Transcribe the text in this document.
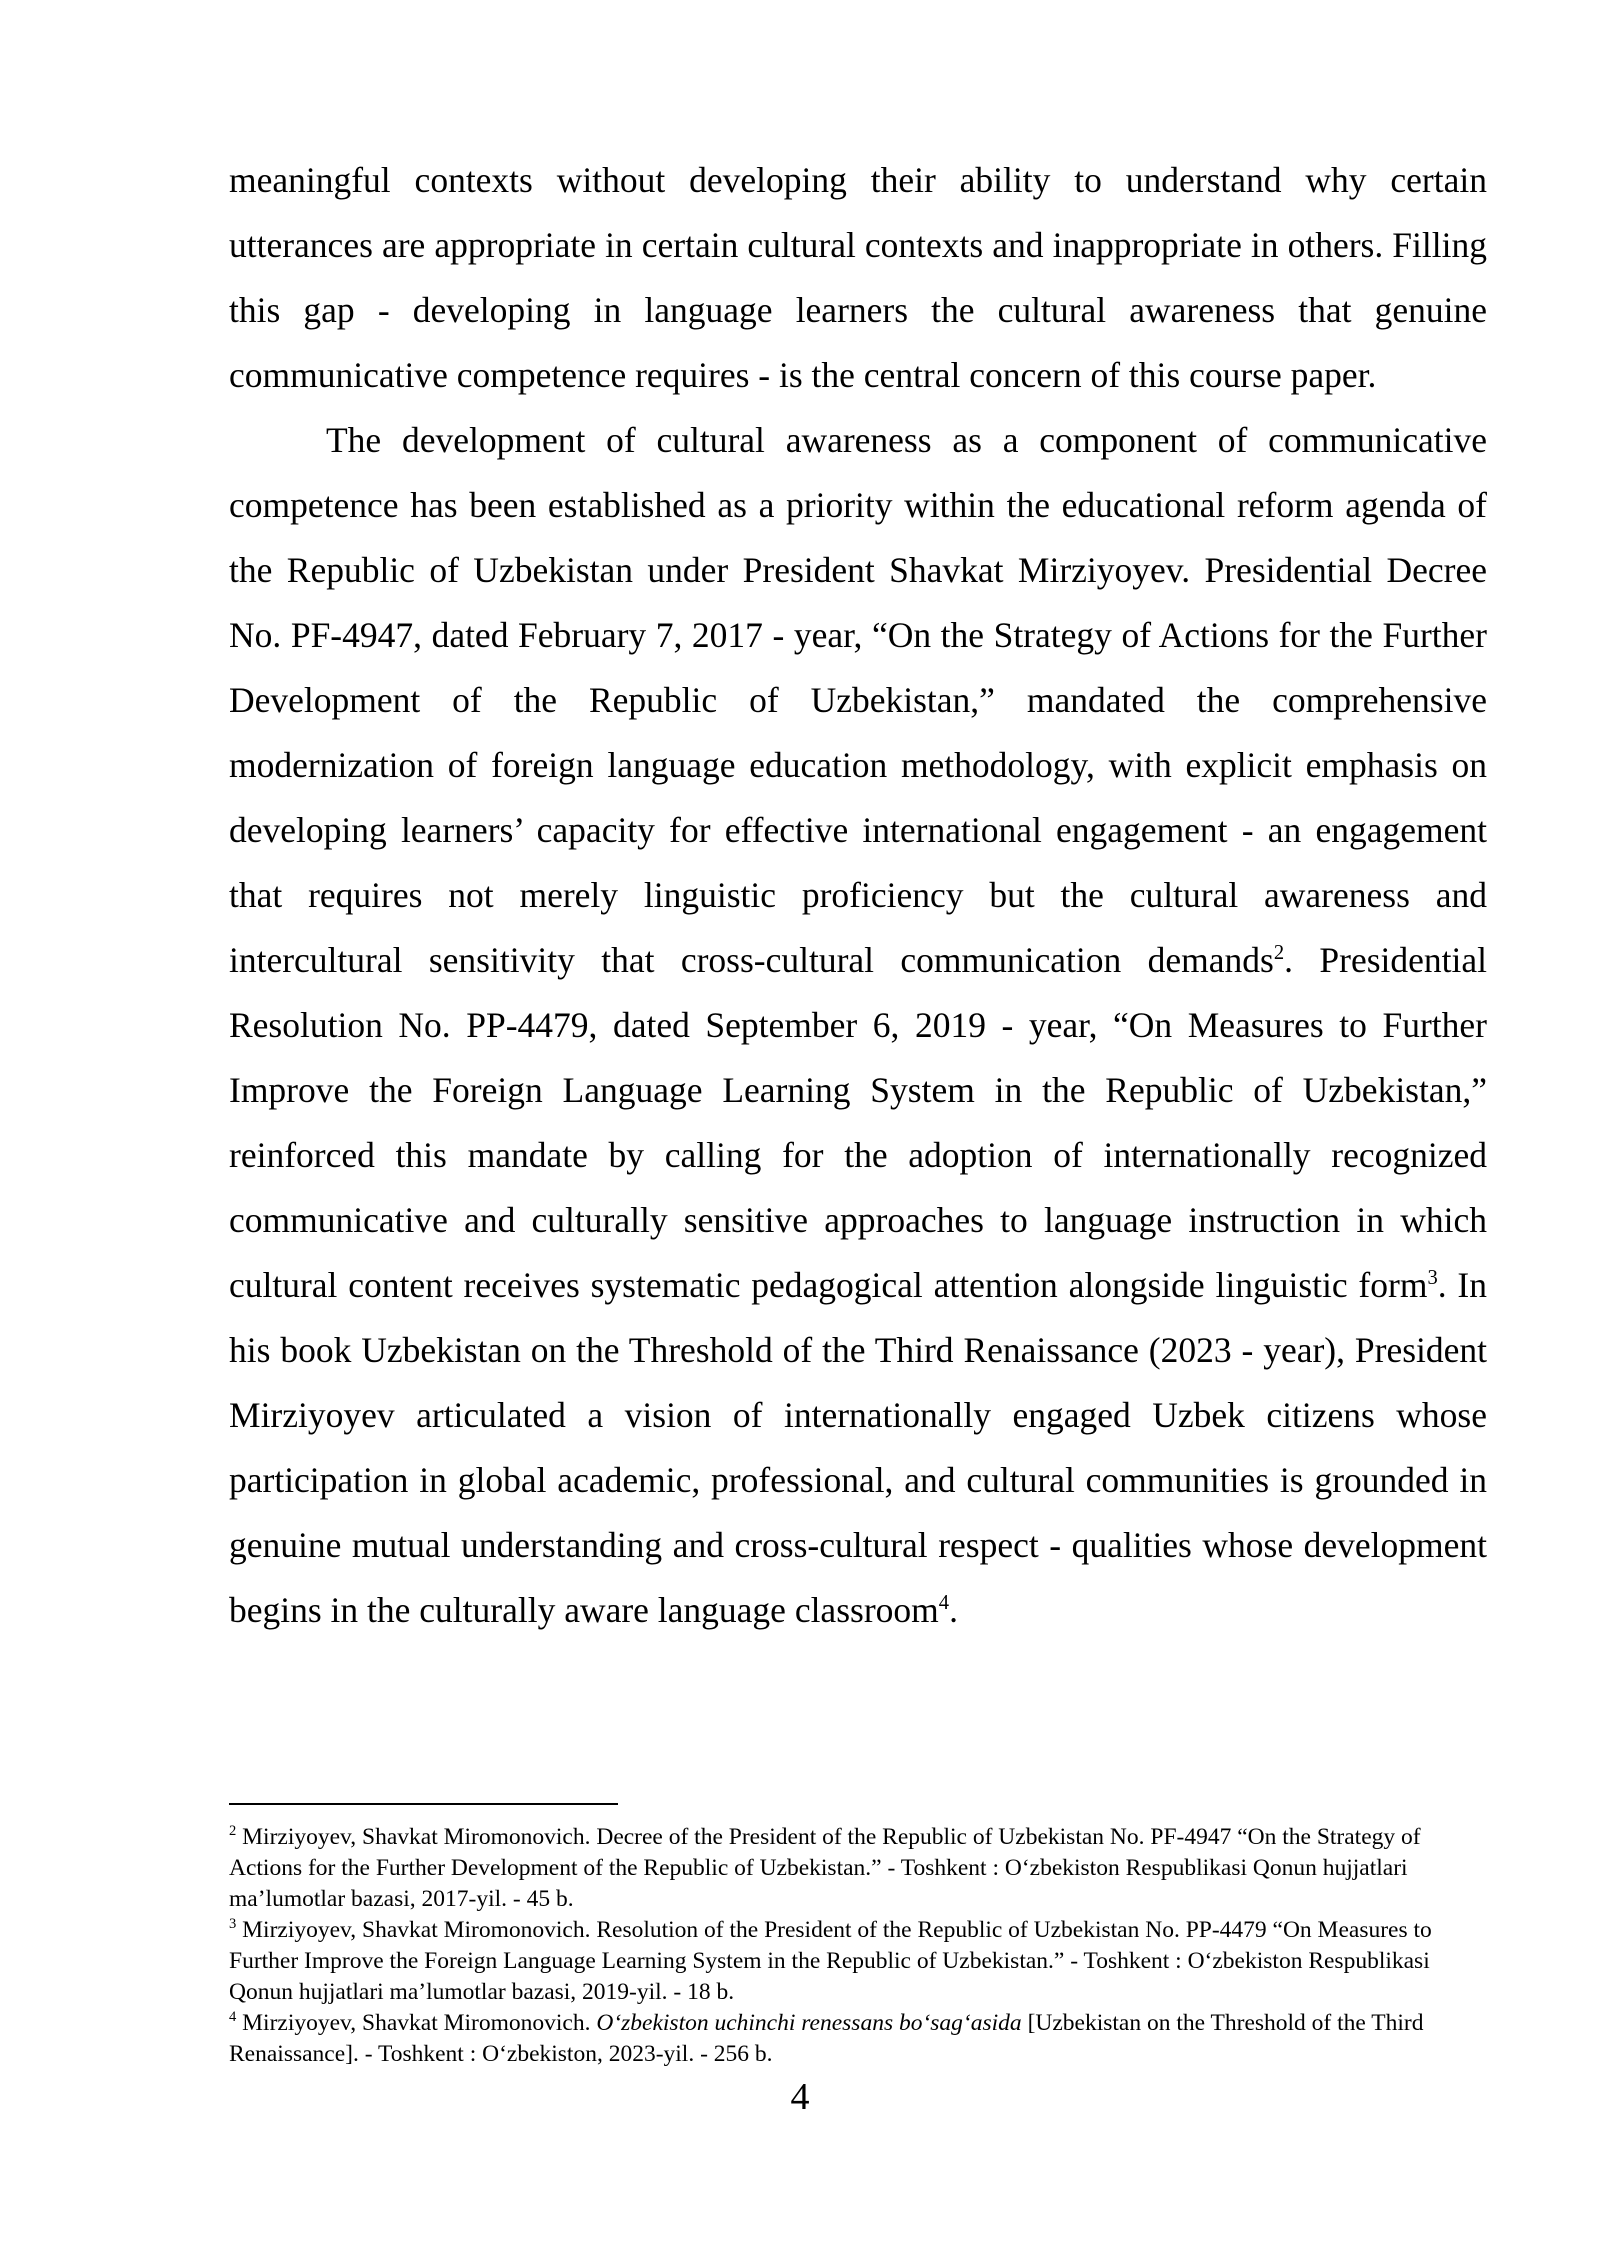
meaningful contexts without developing their ability to understand why certain utterances are appropriate in certain cultural contexts and inappropriate in others. Filling this gap - developing in language learners the cultural awareness that genuine communicative competence requires - is the central concern of this course paper.

The development of cultural awareness as a component of communicative competence has been established as a priority within the educational reform agenda of the Republic of Uzbekistan under President Shavkat Mirziyoyev. Presidential Decree No. PF-4947, dated February 7, 2017 - year, “On the Strategy of Actions for the Further Development of the Republic of Uzbekistan,” mandated the comprehensive modernization of foreign language education methodology, with explicit emphasis on developing learners’ capacity for effective international engagement - an engagement that requires not merely linguistic proficiency but the cultural awareness and intercultural sensitivity that cross-cultural communication demands$^2$. Presidential Resolution No. PP-4479, dated September 6, 2019 - year, “On Measures to Further Improve the Foreign Language Learning System in the Republic of Uzbekistan,” reinforced this mandate by calling for the adoption of internationally recognized communicative and culturally sensitive approaches to language instruction in which cultural content receives systematic pedagogical attention alongside linguistic form$^3$. In his book Uzbekistan on the Threshold of the Third Renaissance (2023 - year), President Mirziyoyev articulated a vision of internationally engaged Uzbek citizens whose participation in global academic, professional, and cultural communities is grounded in genuine mutual understanding and cross-cultural respect - qualities whose development begins in the culturally aware language classroom$^4$.

$^2$ Mirziyoyev, Shavkat Miromonovich. Decree of the President of the Republic of Uzbekistan No. PF-4947 “On the Strategy of Actions for the Further Development of the Republic of Uzbekistan.” - Toshkent : O‘zbekiston Respublikasi Qonun hujjatlari ma’lumotlar bazasi, 2017-yil. - 45 b.

$^3$ Mirziyoyev, Shavkat Miromonovich. Resolution of the President of the Republic of Uzbekistan No. PP-4479 “On Measures to Further Improve the Foreign Language Learning System in the Republic of Uzbekistan.” - Toshkent : O‘zbekiston Respublikasi Qonun hujjatlari ma’lumotlar bazasi, 2019-yil. - 18 b.

$^4$ Mirziyoyev, Shavkat Miromonovich. O‘zbekiston uchinchi renessans bo‘sag‘asida [Uzbekistan on the Threshold of the Third Renaissance]. - Toshkent : O‘zbekiston, 2023-yil. - 256 b.

4
